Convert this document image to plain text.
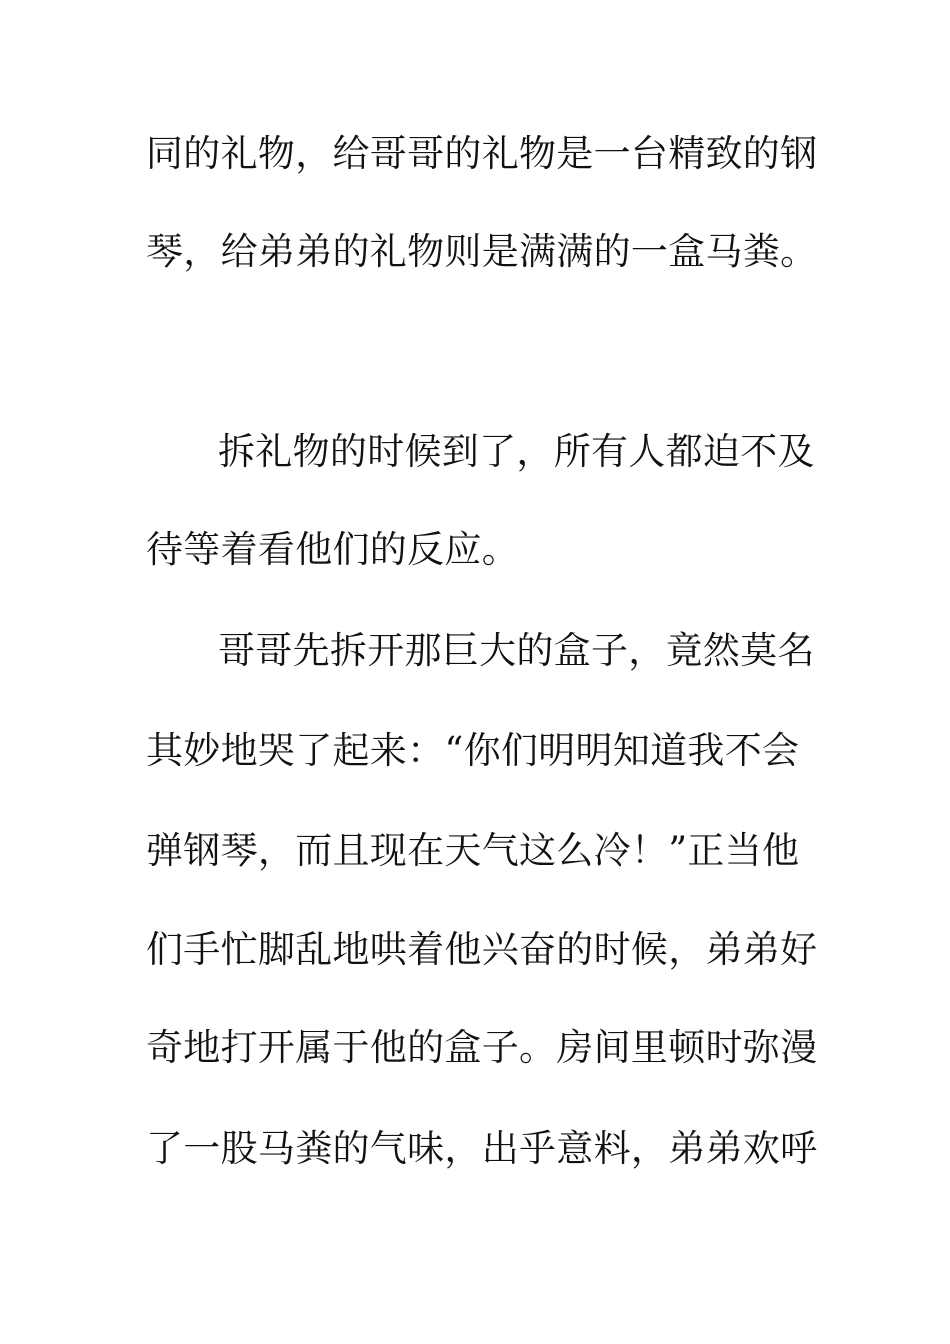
同的礼物，给哥哥的礼物是一台精致的钢
琴，给弟弟的礼物则是满满的一盒马粪。
拆礼物的时候到了，所有人都迫不及
待等着看他们的反应。
哥哥先拆开那巨大的盒子，竟然莫名
其妙地哭了起来：“你们明明知道我不会
弹钢琴，而且现在天气这么冷！”正当他
们手忙脚乱地哄着他兴奋的时候，弟弟好
奇地打开属于他的盒子。房间里顿时弥漫
了一股马粪的气味，出乎意料，弟弟欢呼
